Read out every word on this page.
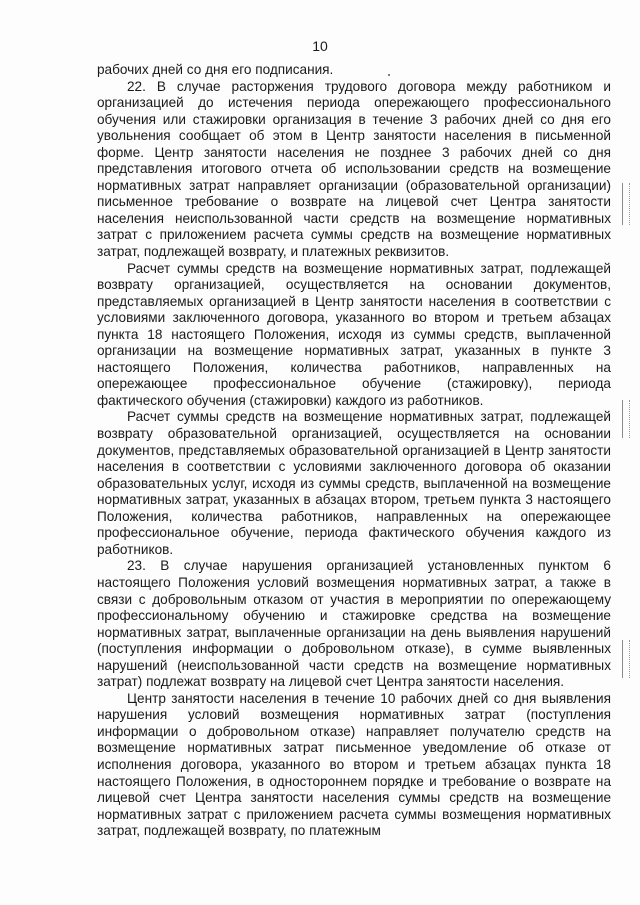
10

рабочих дней со дня его подписания.

22. В случае расторжения трудового договора между работником и организацией до истечения периода опережающего профессионального обучения или стажировки организация в течение 3 рабочих дней со дня его увольнения сообщает об этом в Центр занятости населения в письменной форме. Центр занятости населения не позднее 3 рабочих дней со дня представления итогового отчета об использовании средств на возмещение нормативных затрат направляет организации (образовательной организации) письменное требование о возврате на лицевой счет Центра занятости населения неиспользованной части средств на возмещение нормативных затрат с приложением расчета суммы средств на возмещение нормативных затрат, подлежащей возврату, и платежных реквизитов.

Расчет суммы средств на возмещение нормативных затрат, подлежащей возврату организацией, осуществляется на основании документов, представляемых организацией в Центр занятости населения в соответствии с условиями заключенного договора, указанного во втором и третьем абзацах пункта 18 настоящего Положения, исходя из суммы средств, выплаченной организации на возмещение нормативных затрат, указанных в пункте 3 настоящего Положения, количества работников, направленных на опережающее профессиональное обучение (стажировку), периода фактического обучения (стажировки) каждого из работников.

Расчет суммы средств на возмещение нормативных затрат, подлежащей возврату образовательной организацией, осуществляется на основании документов, представляемых образовательной организацией в Центр занятости населения в соответствии с условиями заключенного договора об оказании образовательных услуг, исходя из суммы средств, выплаченной на возмещение нормативных затрат, указанных в абзацах втором, третьем пункта 3 настоящего Положения, количества работников, направленных на опережающее профессиональное обучение, периода фактического обучения каждого из работников.

23. В случае нарушения организацией установленных пунктом 6 настоящего Положения условий возмещения нормативных затрат, а также в связи с добровольным отказом от участия в мероприятии по опережающему профессиональному обучению и стажировке средства на возмещение нормативных затрат, выплаченные организации на день выявления нарушений (поступления информации о добровольном отказе), в сумме выявленных нарушений (неиспользованной части средств на возмещение нормативных затрат) подлежат возврату на лицевой счет Центра занятости населения.

Центр занятости населения в течение 10 рабочих дней со дня выявления нарушения условий возмещения нормативных затрат (поступления информации о добровольном отказе) направляет получателю средств на возмещение нормативных затрат письменное уведомление об отказе от исполнения договора, указанного во втором и третьем абзацах пункта 18 настоящего Положения, в одностороннем порядке и требование о возврате на лицевой счет Центра занятости населения суммы средств на возмещение нормативных затрат с приложением расчета суммы возмещения нормативных затрат, подлежащей возврату, по платежным
